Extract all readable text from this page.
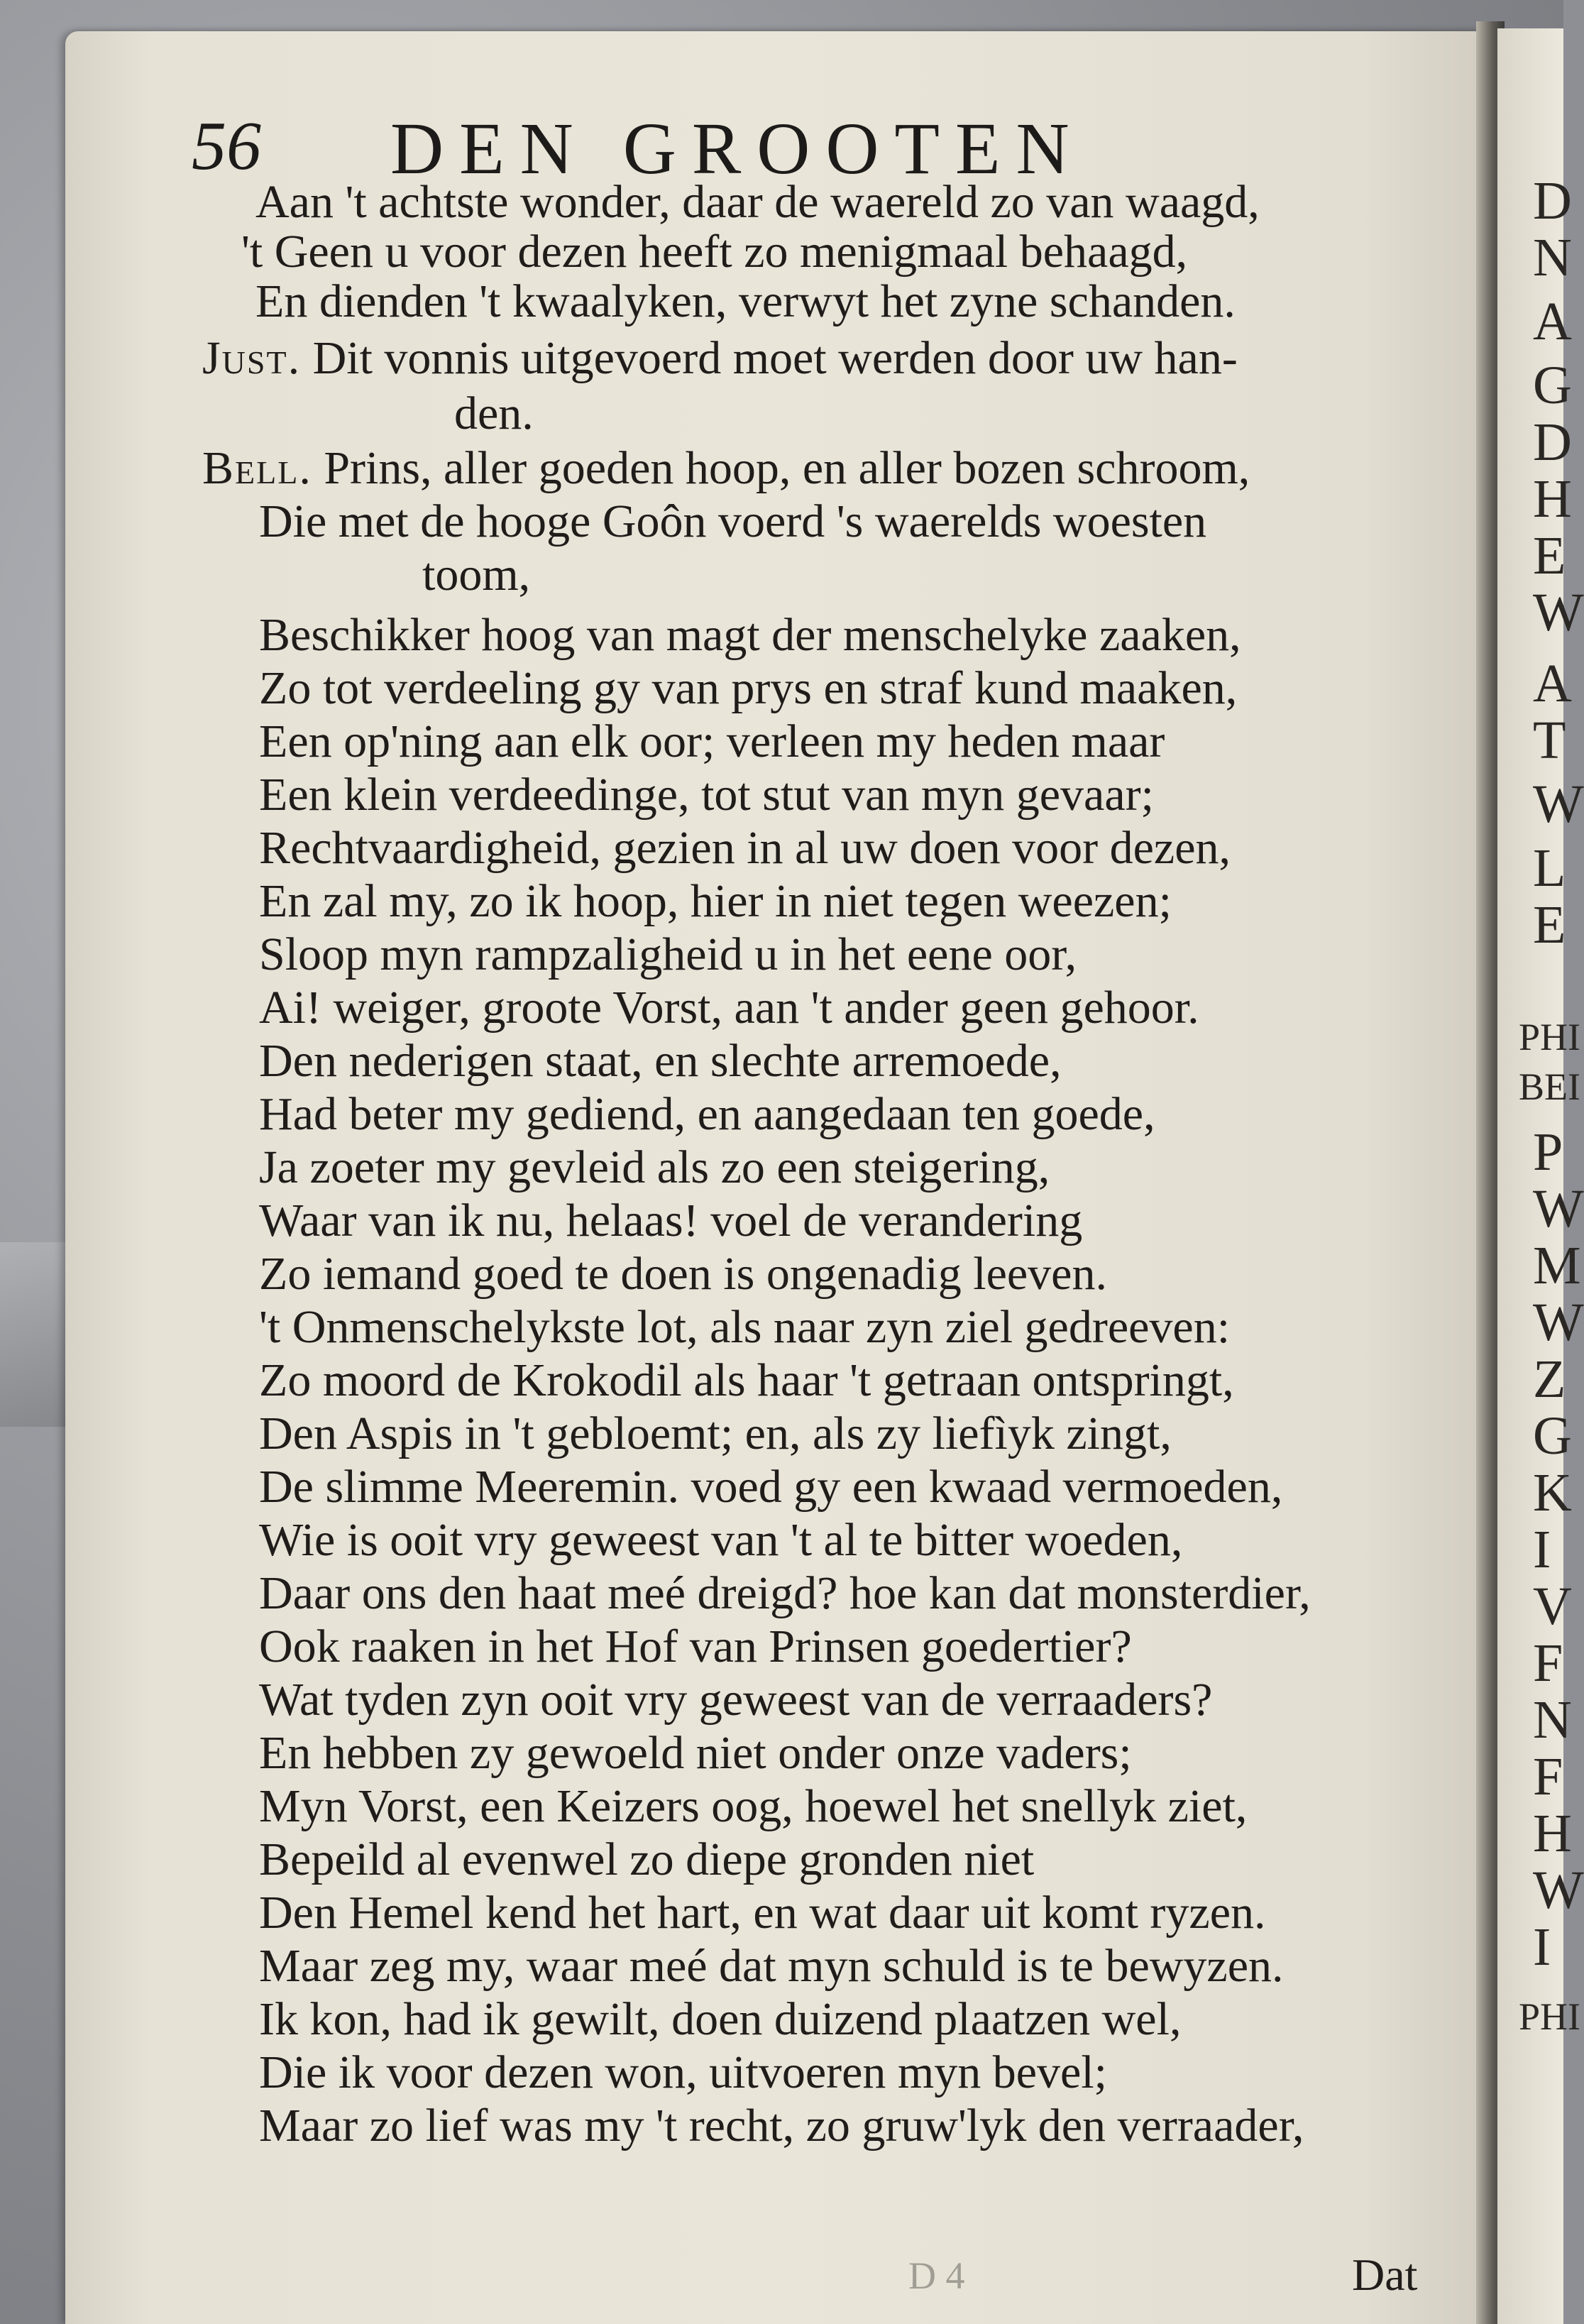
56 DEN GROOTEN
Aan 't achtste wonder, daar de waereld zo van waagd,
't Geen u voor dezen heeft zo menigmaal behaagd,
En dienden 't kwaalyken, verwyt het zyne schanden.
Just. Dit vonnis uitgevoerd moet werden door uw han-
den.
Bell. Prins, aller goeden hoop, en aller bozen schroom,
Die met de hooge Goôn voerd 's waerelds woesten
toom,
Beschikker hoog van magt der menschelyke zaaken,
Zo tot verdeeling gy van prys en straf kund maaken,
Een op'ning aan elk oor; verleen my heden maar
Een klein verdeedinge, tot stut van myn gevaar;
Rechtvaardigheid, gezien in al uw doen voor dezen,
En zal my, zo ik hoop, hier in niet tegen weezen;
Sloop myn rampzaligheid u in het eene oor,
Ai! weiger, groote Vorst, aan 't ander geen gehoor.
Den nederigen staat, en slechte arremoede,
Had beter my gediend, en aangedaan ten goede,
Ja zoeter my gevleid als zo een steigering,
Waar van ik nu, helaas! voel de verandering
Zo iemand goed te doen is ongenadig leeven.
't Onmenschelykste lot, als naar zyn ziel gedreeven:
Zo moord de Krokodil als haar 't getraan ontspringt,
Den Aspis in 't gebloemt; en, als zy liefìyk zingt,
De slimme Meeremin. voed gy een kwaad vermoeden,
Wie is ooit vry geweest van 't al te bitter woeden,
Daar ons den haat meé dreigd? hoe kan dat monsterdier,
Ook raaken in het Hof van Prinsen goedertier?
Wat tyden zyn ooit vry geweest van de verraaders?
En hebben zy gewoeld niet onder onze vaders;
Myn Vorst, een Keizers oog, hoewel het snellyk ziet,
Bepeild al evenwel zo diepe gronden niet
Den Hemel kend het hart, en wat daar uit komt ryzen.
Maar zeg my, waar meé dat myn schuld is te bewyzen.
Ik kon, had ik gewilt, doen duizend plaatzen wel,
Die ik voor dezen won, uitvoeren myn bevel;
Maar zo lief was my 't recht, zo gruw'lyk den verraader,
D 4	Dat
D
N
A
G
D
H
E
W
A
T
W
L
E
PHI
BEI
P
W
M
W
Z
G
K
I
V
F
N
F
H
W
I
PHI
